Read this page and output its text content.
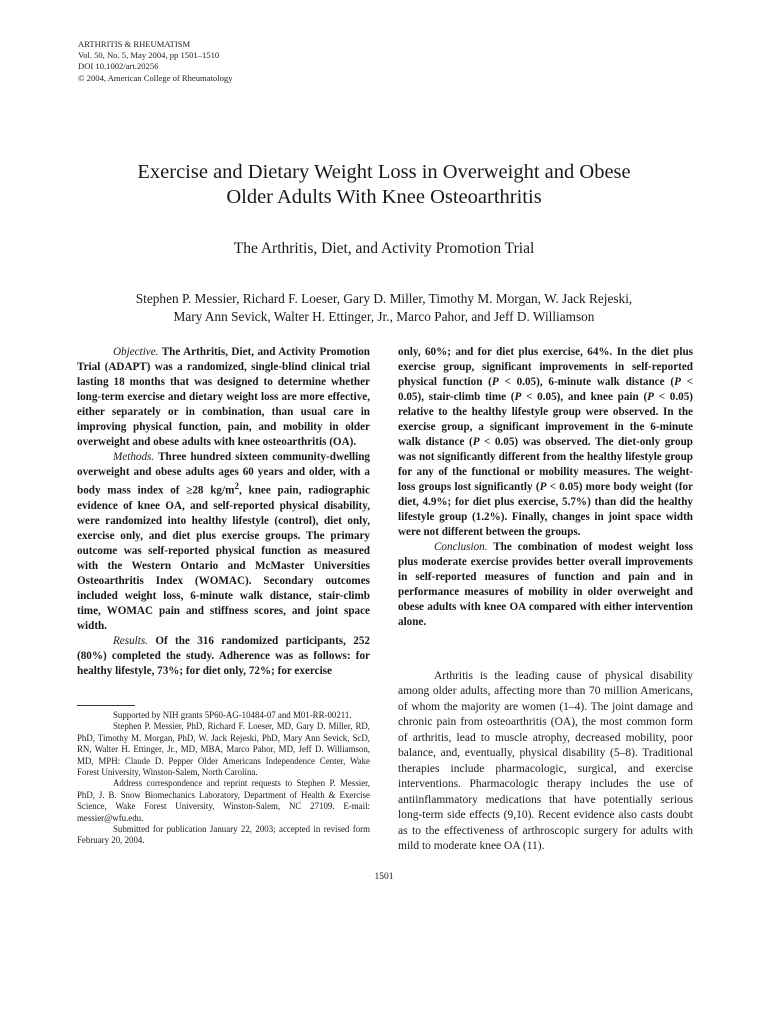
ARTHRITIS & RHEUMATISM
Vol. 50, No. 5, May 2004, pp 1501–1510
DOI 10.1002/art.20256
© 2004, American College of Rheumatology
Exercise and Dietary Weight Loss in Overweight and Obese
Older Adults With Knee Osteoarthritis
The Arthritis, Diet, and Activity Promotion Trial
Stephen P. Messier, Richard F. Loeser, Gary D. Miller, Timothy M. Morgan, W. Jack Rejeski,
Mary Ann Sevick, Walter H. Ettinger, Jr., Marco Pahor, and Jeff D. Williamson

Objective. The Arthritis, Diet, and Activity Promotion Trial (ADAPT) was a randomized, single-blind clinical trial lasting 18 months that was designed to determine whether long-term exercise and dietary weight loss are more effective, either separately or in combination, than usual care in improving physical function, pain, and mobility in older overweight and obese adults with knee osteoarthritis (OA).

Methods. Three hundred sixteen community-dwelling overweight and obese adults ages 60 years and older, with a body mass index of ≥28 $kg/m^2$, knee pain, radiographic evidence of knee OA, and self-reported physical disability, were randomized into healthy lifestyle (control), diet only, exercise only, and diet plus exercise groups. The primary outcome was self-reported physical function as measured with the Western Ontario and McMaster Universities Osteoarthritis Index (WOMAC). Secondary outcomes included weight loss, 6-minute walk distance, stair-climb time, WOMAC pain and stiffness scores, and joint space width.

Results. Of the 316 randomized participants, 252 (80%) completed the study. Adherence was as follows: for healthy lifestyle, 73%; for diet only, 72%; for exercise

only, 60%; and for diet plus exercise, 64%. In the diet plus exercise group, significant improvements in self-reported physical function (P < 0.05), 6-minute walk distance (P < 0.05), stair-climb time (P < 0.05), and knee pain (P < 0.05) relative to the healthy lifestyle group were observed. In the exercise group, a significant improvement in the 6-minute walk distance (P < 0.05) was observed. The diet-only group was not significantly different from the healthy lifestyle group for any of the functional or mobility measures. The weight-loss groups lost significantly (P < 0.05) more body weight (for diet, 4.9%; for diet plus exercise, 5.7%) than did the healthy lifestyle group (1.2%). Finally, changes in joint space width were not different between the groups.

Conclusion. The combination of modest weight loss plus moderate exercise provides better overall improvements in self-reported measures of function and pain and in performance measures of mobility in older overweight and obese adults with knee OA compared with either intervention alone.

Arthritis is the leading cause of physical disability among older adults, affecting more than 70 million Americans, of whom the majority are women (1–4). The joint damage and chronic pain from osteoarthritis (OA), the most common form of arthritis, lead to muscle atrophy, decreased mobility, poor balance, and, eventually, physical disability (5–8). Traditional therapies include pharmacologic, surgical, and exercise interventions. Pharmacologic therapy includes the use of antiinflammatory medications that have potentially serious long-term side effects (9,10). Recent evidence also casts doubt as to the effectiveness of arthroscopic surgery for adults with mild to moderate knee OA (11).

Supported by NIH grants 5P60-AG-10484-07 and M01-RR-00211.

Stephen P. Messier, PhD, Richard F. Loeser, MD, Gary D. Miller, RD, PhD, Timothy M. Morgan, PhD, W. Jack Rejeski, PhD, Mary Ann Sevick, ScD, RN, Walter H. Ettinger, Jr., MD, MBA, Marco Pahor, MD, Jeff D. Williamson, MD, MPH: Claude D. Pepper Older Americans Independence Center, Wake Forest University, Winston-Salem, North Carolina.

Address correspondence and reprint requests to Stephen P. Messier, PhD, J. B. Snow Biomechanics Laboratory, Department of Health & Exercise Science, Wake Forest University, Winston-Salem, NC 27109. E-mail: messier@wfu.edu.

Submitted for publication January 22, 2003; accepted in revised form February 20, 2004.

1501
